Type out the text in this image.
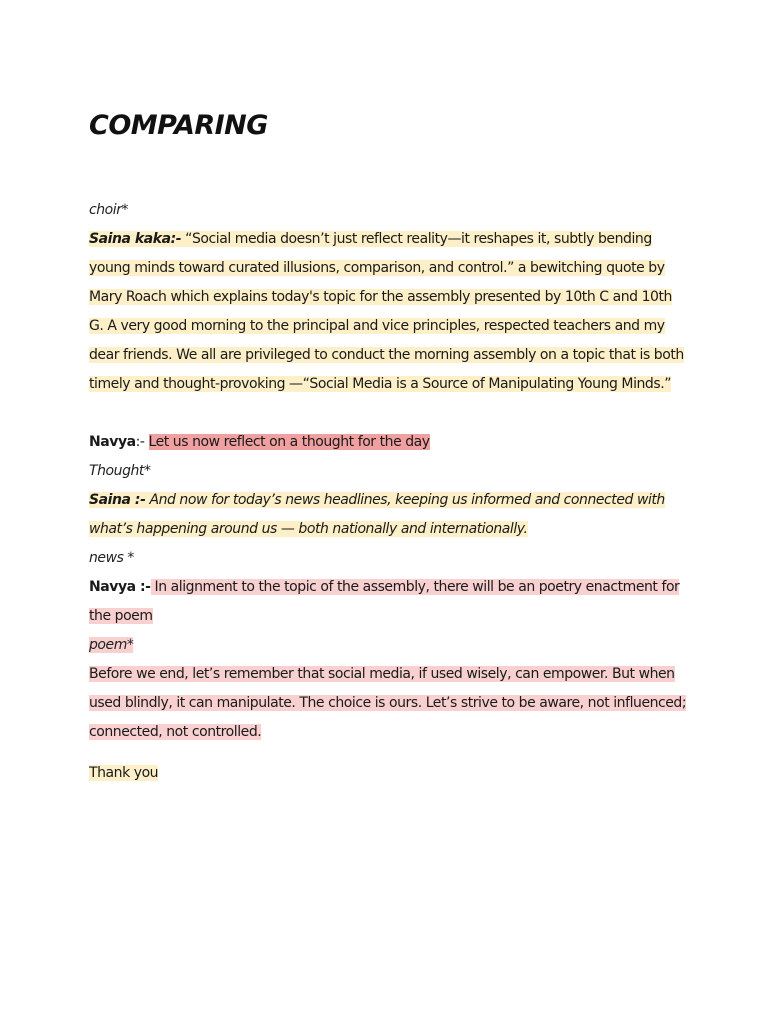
COMPARING

choir*

Saina kaka:- “Social media doesn’t just reflect reality—it reshapes it, subtly bending young minds toward curated illusions, comparison, and control.” a bewitching quote by Mary Roach which explains today's topic for the assembly presented by 10th C and 10th G. A very good morning to the principal and vice principles, respected teachers and my dear friends. We all are privileged to conduct the morning assembly on a topic that is both timely and thought-provoking —“Social Media is a Source of Manipulating Young Minds.”

Navya:- Let us now reflect on a thought for the day

Thought*

Saina :- And now for today’s news headlines, keeping us informed and connected with what’s happening around us — both nationally and internationally.

news *

Navya :- In alignment to the topic of the assembly, there will be an poetry enactment for the poem

poem*

Before we end, let’s remember that social media, if used wisely, can empower. But when used blindly, it can manipulate. The choice is ours. Let’s strive to be aware, not influenced; connected, not controlled.

Thank you
